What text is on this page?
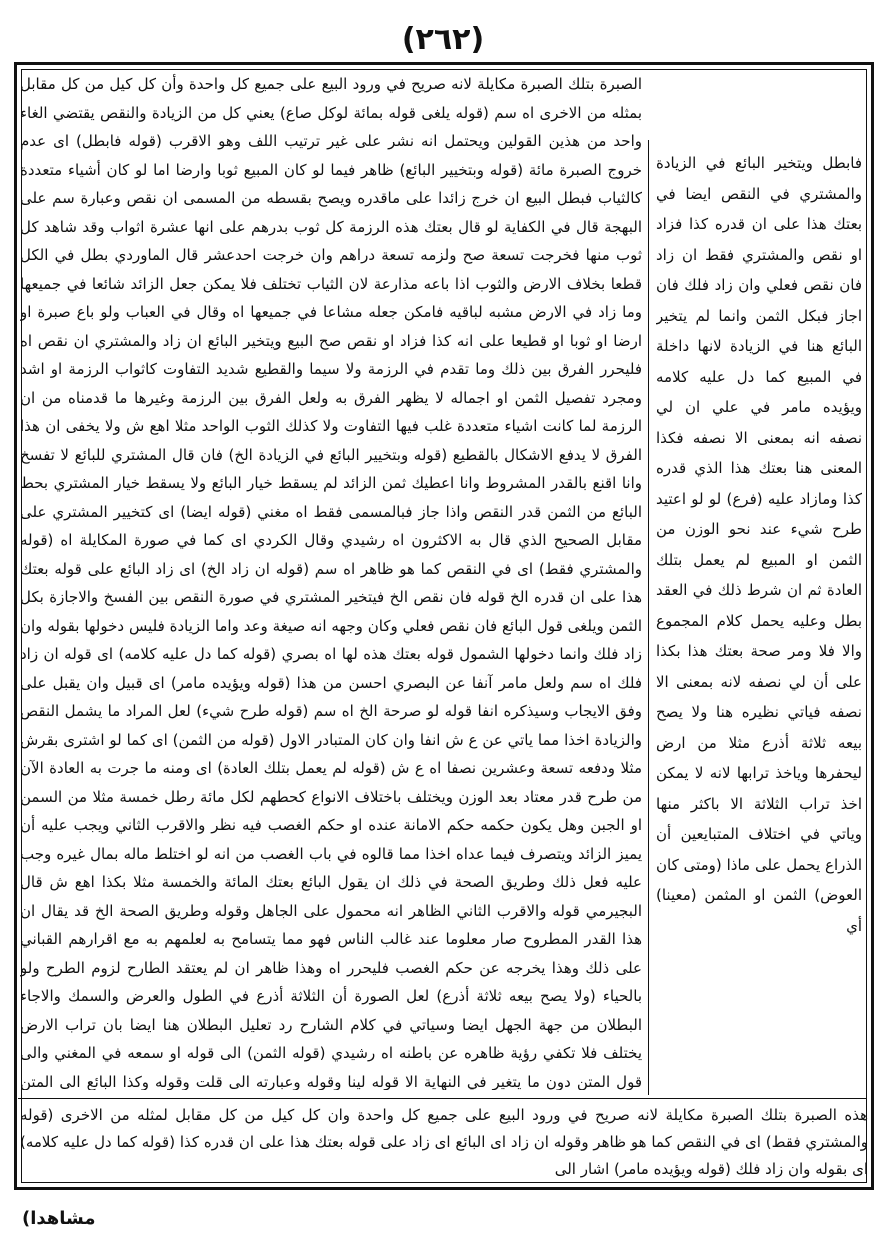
(٢٦٢)
الصبرة بتلك الصبرة مكايلة لانه صريح في ورود البيع على جميع كل واحدة وأن كل كيل من كل مقابل بمثله من الاخرى اه سم (قوله يلغى قوله بمائة لوكل صاع) يعني كل من الزيادة والنقص يقتضي الغاء واحد من هذين القولين ويحتمل انه نشر على غير ترتيب اللف وهو الاقرب (قوله فابطل) اى عدم خروج الصبرة مائة (قوله وبتخيير البائع) ظاهر فيما لو كان المبيع ثوبا وارضا اما لو كان أشياء متعددة كالثياب فبطل البيع ان خرج زائدا على ماقدره ويصح بقسطه من المسمى ان نقص وعبارة سم على البهجة قال في الكفاية لو قال بعتك هذه الرزمة كل ثوب بدرهم على انها عشرة اثواب وقد شاهد كل ثوب منها فخرجت تسعة صح ولزمه تسعة دراهم وان خرجت احدعشر قال الماوردي بطل في الكل قطعا بخلاف الارض والثوب اذا باعه مذارعة لان الثياب تختلف فلا يمكن جعل الزائد شائعا في جميعها وما زاد في الارض مشبه لباقيه فامكن جعله مشاعا في جميعها اه وقال في العباب ولو باع صبرة او ارضا او ثوبا او قطيعا على انه كذا فزاد او نقص صح البيع ويتخير البائع ان زاد والمشتري ان نقص اه فليحرر الفرق بين ذلك وما تقدم في الرزمة ولا سيما والقطيع شديد التفاوت كاثواب الرزمة او اشد ومجرد تفصيل الثمن او اجماله لا يظهر الفرق به ولعل الفرق بين الرزمة وغيرها ما قدمناه من ان الرزمة لما كانت اشياء متعددة غلب فيها التفاوت ولا كذلك الثوب الواحد مثلا اهع ش ولا يخفى ان هذا الفرق لا يدفع الاشكال بالقطيع (قوله وبتخيير البائع في الزيادة الخ) فان قال المشتري للبائع لا تفسخ وانا اقنع بالقدر المشروط وانا اعطيك ثمن الزائد لم يسقط خيار البائع ولا يسقط خيار المشتري بحط البائع من الثمن قدر النقص واذا جاز فبالمسمى فقط اه مغني (قوله ايضا) اى كتخيير المشتري على مقابل الصحيح الذي قال به الاكثرون اه رشيدي وقال الكردي اى كما في صورة المكايلة اه (قوله والمشتري فقط) اى في النقص كما هو ظاهر اه سم (قوله ان زاد الخ) اى زاد البائع على قوله بعتك هذا على ان قدره الخ قوله فان نقص الخ فيتخير المشتري في صورة النقص بين الفسخ والاجازة بكل الثمن ويلغى قول البائع فان نقص فعلي وكان وجهه انه صيغة وعد واما الزيادة فليس دخولها بقوله وان زاد فلك وانما دخولها الشمول قوله بعتك هذه لها اه بصري (قوله كما دل عليه كلامه) اى قوله ان زاد فلك اه سم ولعل مامر آنفا عن البصري احسن من هذا (قوله ويؤيده مامر) اى قبيل وان يقبل على وفق الايجاب وسيذكره انفا قوله لو صرحة الخ اه سم (قوله طرح شيء) لعل المراد ما يشمل النقص والزيادة اخذا مما ياتي عن ع ش انفا وان كان المتبادر الاول (قوله من الثمن) اى كما لو اشترى بقرش مثلا ودفعه تسعة وعشرين نصفا اه ع ش (قوله لم يعمل بتلك العادة) اى ومنه ما جرت به العادة الآن من طرح قدر معتاد بعد الوزن ويختلف باختلاف الانواع كحطهم لكل مائة رطل خمسة مثلا من السمن او الجبن وهل يكون حكمه حكم الامانة عنده او حكم الغصب فيه نظر والاقرب الثاني ويجب عليه أن يميز الزائد ويتصرف فيما عداه اخذا مما قالوه في باب الغصب من انه لو اختلط ماله بمال غيره وجب عليه فعل ذلك وطريق الصحة في ذلك ان يقول البائع بعتك المائة والخمسة مثلا بكذا اهع ش قال البجيرمي قوله والاقرب الثاني الظاهر انه محمول على الجاهل وقوله وطريق الصحة الخ قد يقال ان هذا القدر المطروح صار معلوما عند غالب الناس فهو مما يتسامح به لعلمهم به مع اقرارهم القباني على ذلك وهذا يخرجه عن حكم الغصب فليحرر اه وهذا ظاهر ان لم يعتقد الطارح لزوم الطرح ولو بالحياء (ولا يصح بيعه ثلاثة أذرع) لعل الصورة أن الثلاثة أذرع في الطول والعرض والسمك والاجاء البطلان من جهة الجهل ايضا وسياتي في كلام الشارح رد تعليل البطلان هنا ايضا بان تراب الارض يختلف فلا تكفي رؤية ظاهره عن باطنه اه رشيدي (قوله الثمن) الى قوله او سمعه في المغني والى قول المتن دون ما يتغير في النهاية الا قوله لينا وقوله وعبارته الى قلت وقوله وكذا البائع الى المتن
فابطل ويتخير البائع في الزيادة والمشتري في النقص ايضا في بعتك هذا على ان قدره كذا فزاد او نقص والمشتري فقط ان زاد فان نقص فعلي وان زاد فلك فان اجاز فبكل الثمن وانما لم يتخير البائع هنا في الزيادة لانها داخلة في المبيع كما دل عليه كلامه ويؤيده مامر في علي ان لي نصفه انه بمعنى الا نصفه فكذا المعنى هنا بعتك هذا الذي قدره كذا ومازاد عليه (فرع) لو لو اعتيد طرح شيء عند نحو الوزن من الثمن او المبيع لم يعمل بتلك العادة ثم ان شرط ذلك في العقد بطل وعليه يحمل كلام المجموع والا فلا ومر صحة بعتك هذا بكذا على أن لي نصفه لانه بمعنى الا نصفه فياتي نظيره هنا ولا يصح بيعه ثلاثة أذرع مثلا من ارض ليحفرها وياخذ ترابها لانه لا يمكن اخذ تراب الثلاثة الا باكثر منها وياتي في اختلاف المتبايعين أن الذراع يحمل على ماذا (ومتى كان العوض) الثمن او المثمن (معينا) أي
هذه الصبرة بتلك الصبرة مكايلة لانه صريح في ورود البيع على جميع كل واحدة وان كل كيل من كل مقابل لمثله من الاخرى (قوله والمشتري فقط) اى في النقص كما هو ظاهر وقوله ان زاد اى البائع اى زاد على قوله بعتك هذا على ان قدره كذا (قوله كما دل عليه كلامه) اى بقوله وان زاد فلك (قوله ويؤيده مامر) اشار الى
مشاهدا)
